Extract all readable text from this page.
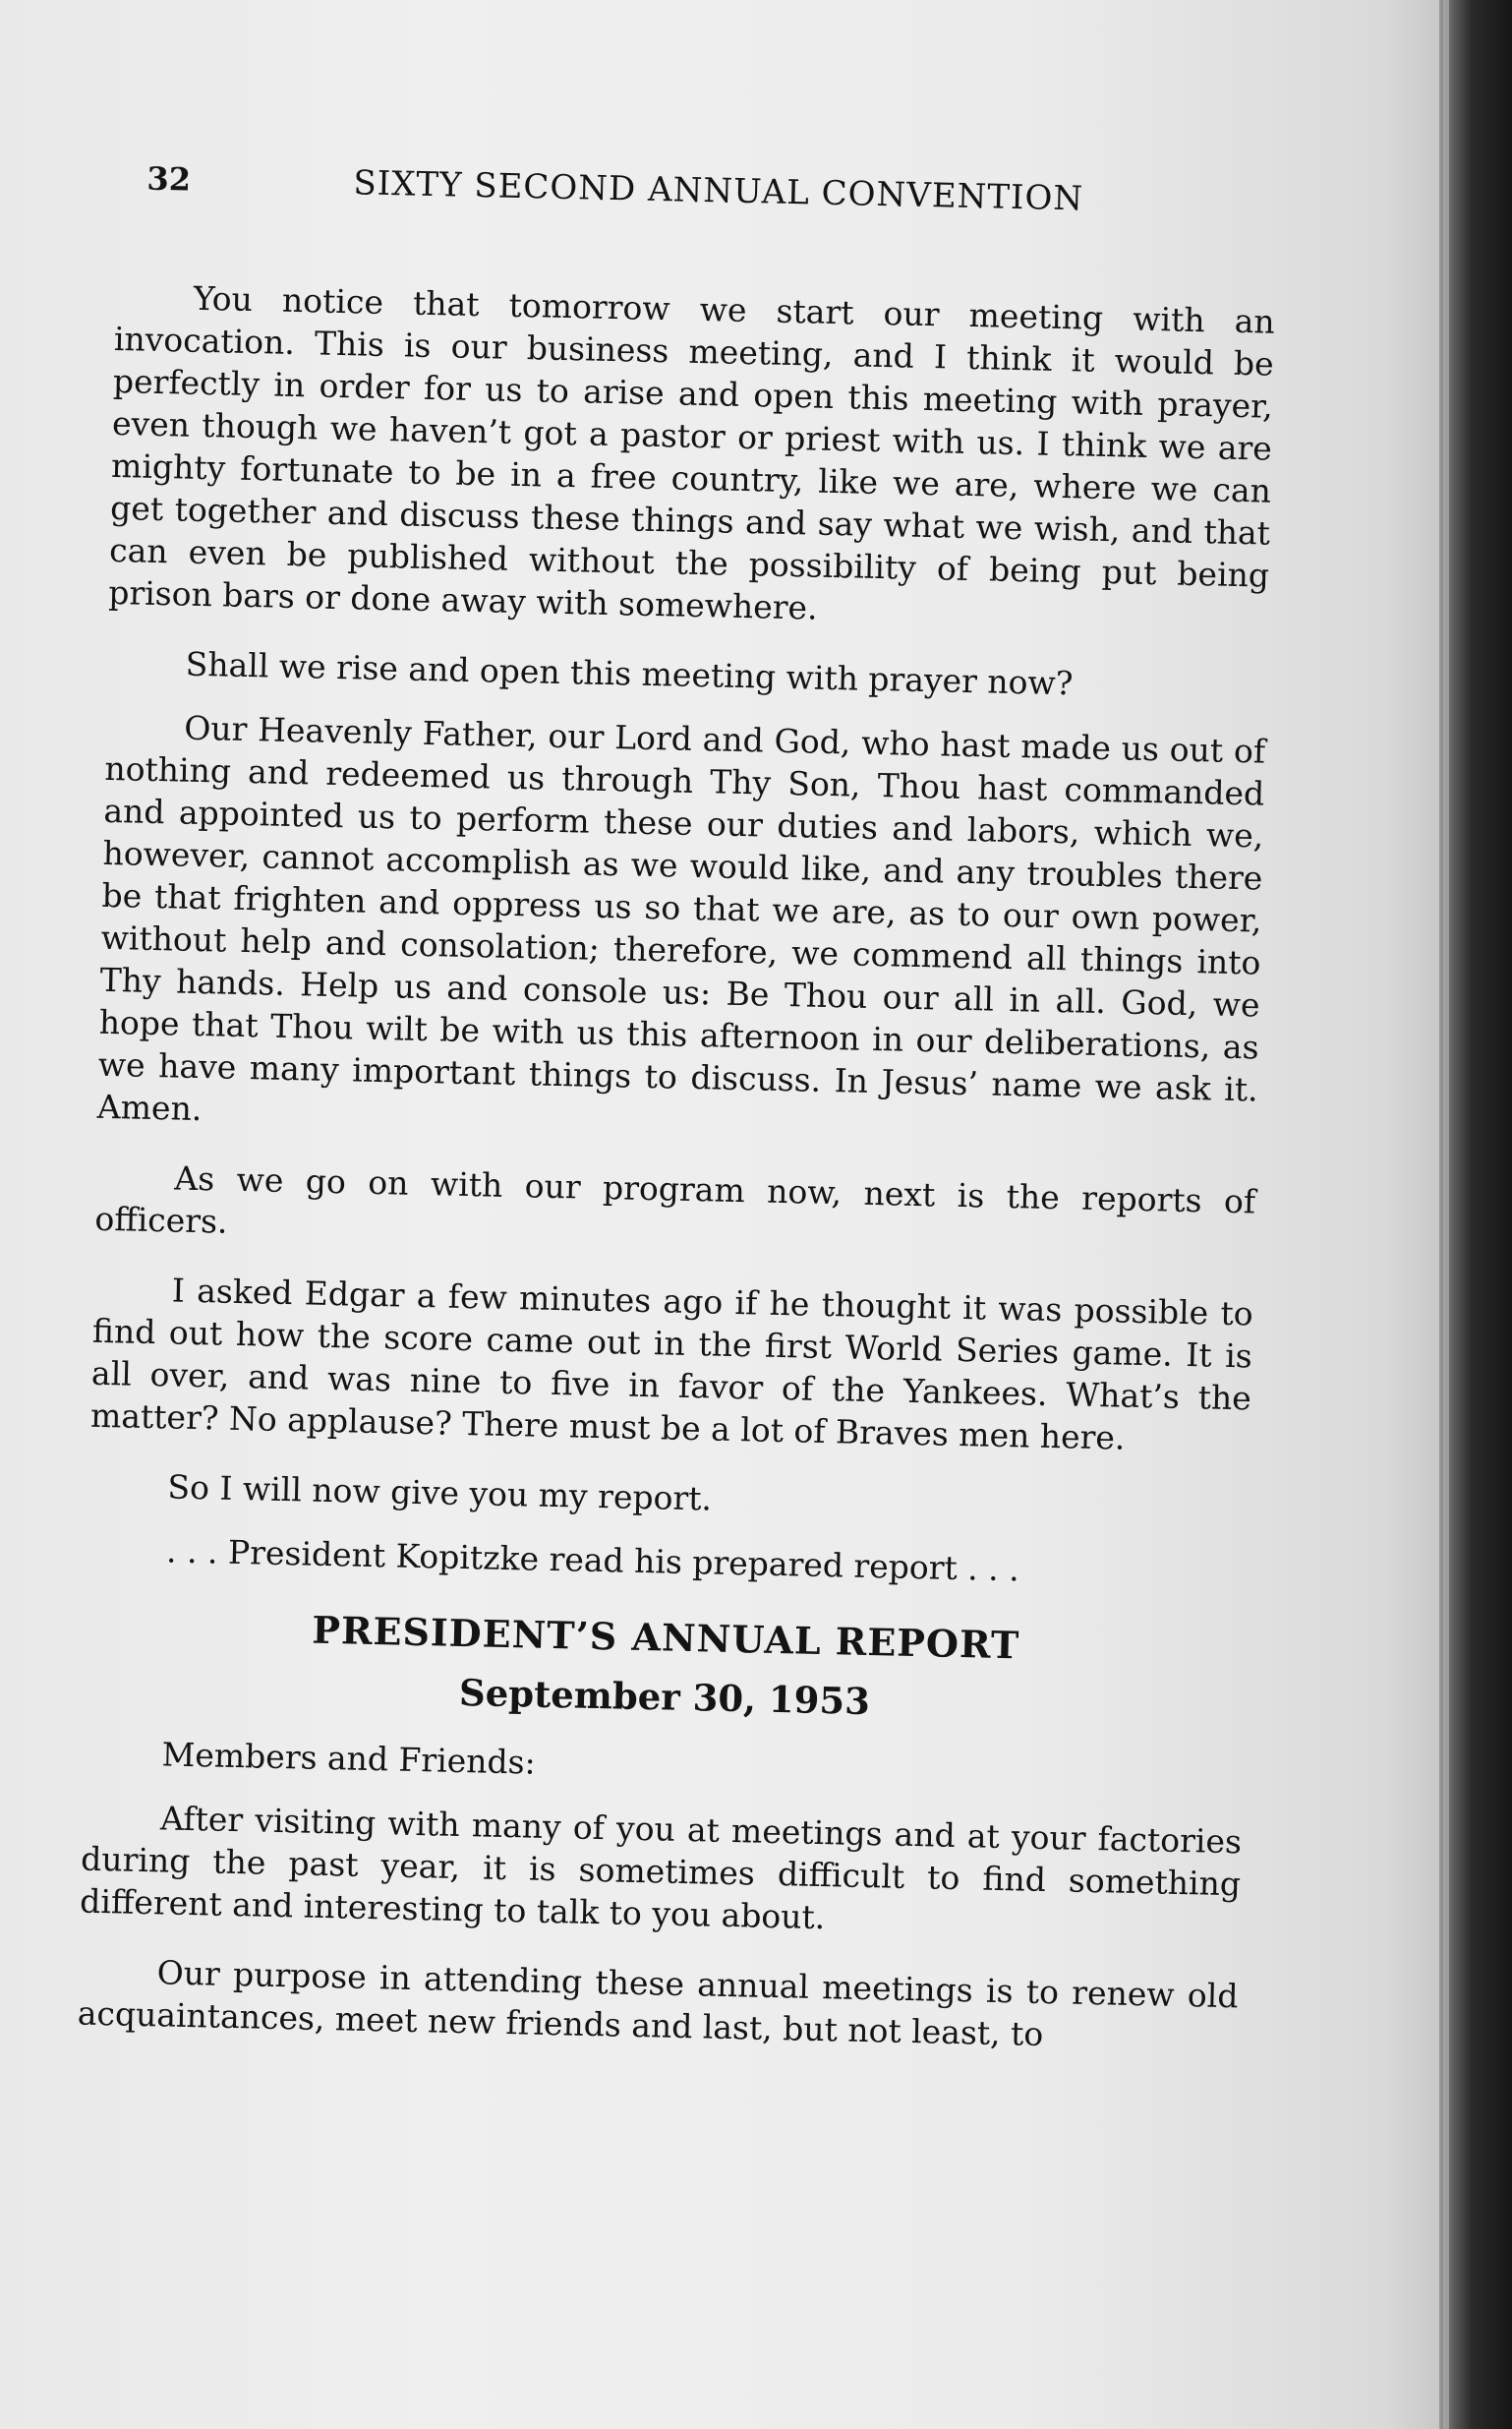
32	SIXTY SECOND ANNUAL CONVENTION

You notice that tomorrow we start our meeting with an invocation. This is our business meeting, and I think it would be perfectly in order for us to arise and open this meeting with prayer, even though we haven’t got a pastor or priest with us. I think we are mighty fortunate to be in a free country, like we are, where we can get together and discuss these things and say what we wish, and that can even be published without the possibility of being put being prison bars or done away with somewhere.

Shall we rise and open this meeting with prayer now?

Our Heavenly Father, our Lord and God, who hast made us out of nothing and redeemed us through Thy Son, Thou hast commanded and appointed us to perform these our duties and labors, which we, however, cannot accomplish as we would like, and any troubles there be that frighten and oppress us so that we are, as to our own power, without help and consolation; therefore, we commend all things into Thy hands. Help us and console us: Be Thou our all in all. God, we hope that Thou wilt be with us this afternoon in our deliberations, as we have many important things to discuss. In Jesus’ name we ask it. Amen.

As we go on with our program now, next is the reports of officers.

I asked Edgar a few minutes ago if he thought it was possible to find out how the score came out in the first World Series game. It is all over, and was nine to five in favor of the Yankees. What’s the matter? No applause? There must be a lot of Braves men here.

So I will now give you my report.

. . . President Kopitzke read his prepared report . . .

PRESIDENT’S ANNUAL REPORT
September 30, 1953

Members and Friends:

After visiting with many of you at meetings and at your factories during the past year, it is sometimes difficult to find something different and interesting to talk to you about.

Our purpose in attending these annual meetings is to renew old acquaintances, meet new friends and last, but not least, to
